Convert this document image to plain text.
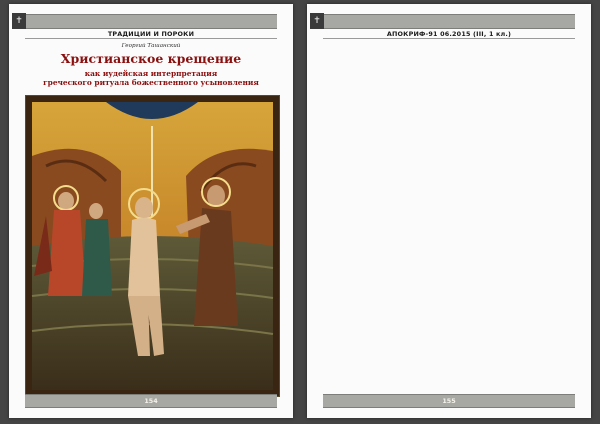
✝
ТРАДИЦИИ И ПОРОКИ
Георгий Ташанский
Христианское крещение
как иудейская интерпретация
греческого ритуала божественного усыновления
154
✝
АПОКРИФ-91 06.2015 (III, 1 кл.)

155
